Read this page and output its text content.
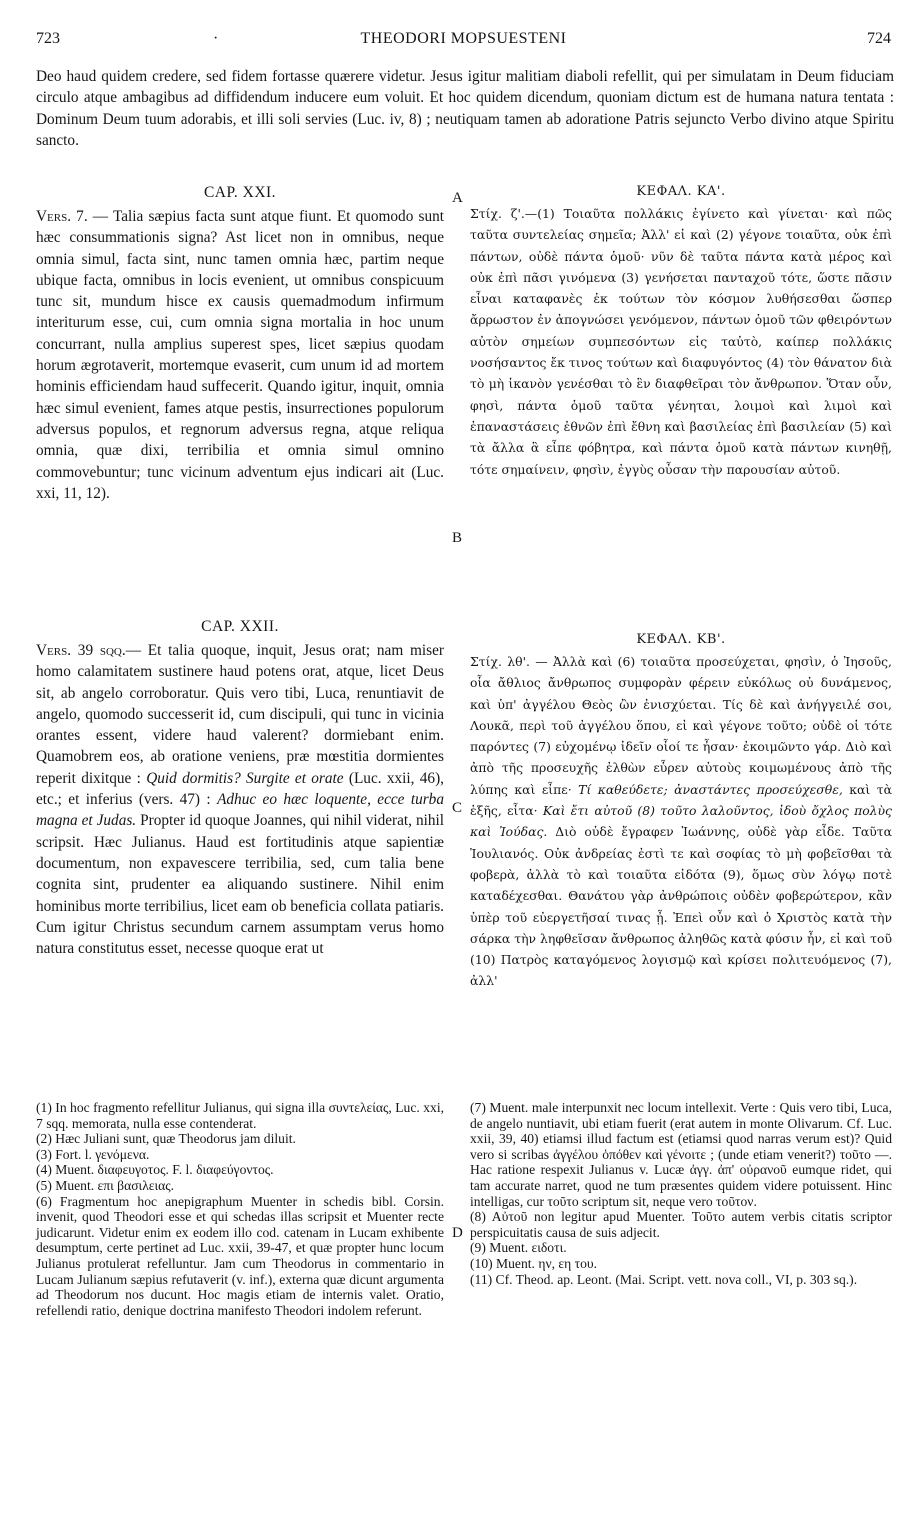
723	·	THEODORI MOPSUESTENI	724

Deo haud quidem credere, sed fidem fortasse quærere videtur. Jesus igitur malitiam diaboli refellit, qui per simulatam in Deum fiduciam circulo atque ambagibus ad diffidendum inducere eum voluit. Et hoc quidem dicendum, quoniam dictum est de humana natura tentata : Dominum Deum tuum adorabis, et illi soli servies (Luc. iv, 8) ; neutiquam tamen ab adoratione Patris sejuncto Verbo divino atque Spiritu sancto.

A
B
C
D
CAP. XXI.

Vers. 7. — Talia sæpius facta sunt atque fiunt. Et quomodo sunt hæc consummationis signa? Ast licet non in omnibus, neque omnia simul, facta sint, nunc tamen omnia hæc, partim neque ubique facta, omnibus in locis evenient, ut omnibus conspicuum tunc sit, mundum hisce ex causis quemadmodum infirmum interiturum esse, cui, cum omnia signa mortalia in hoc unum concurrant, nulla amplius superest spes, licet sæpius quodam horum ægrotaverit, mortemque evaserit, cum unum id ad mortem hominis efficiendam haud suffecerit. Quando igitur, inquit, omnia hæc simul evenient, fames atque pestis, insurrectiones populorum adversus populos, et regnorum adversus regna, atque reliqua omnia, quæ dixi, terribilia et omnia simul omnino commovebuntur; tunc vicinum adventum ejus indicari ait (Luc. xxi, 11, 12).

ΚΕΦΑΛ. ΚΑ'.

Στίχ. ζ'.—(1) Τοιαῦτα πολλάκις ἐγίνετο καὶ γίνεται· καὶ πῶς ταῦτα συντελείας σημεῖα; Ἀλλ' εἰ καὶ (2) γέγονε τοιαῦτα, οὐκ ἐπὶ πάντων, οὐδὲ πάντα ὁμοῦ· νῦν δὲ ταῦτα πάντα κατὰ μέρος καὶ οὐκ ἐπὶ πᾶσι γινόμενα (3) γενήσεται πανταχοῦ τότε, ὥστε πᾶσιν εἶναι καταφανὲς ἐκ τούτων τὸν κόσμον λυθήσεσθαι ὥσπερ ἄρρωστον ἐν ἀπογνώσει γενόμενον, πάντων ὁμοῦ τῶν φθειρόντων αὐτὸν σημείων συμπεσόντων εἰς ταὐτὸ, καίπερ πολλάκις νοσήσαντος ἔκ τινος τούτων καὶ διαφυγόντος (4) τὸν θάνατον διὰ τὸ μὴ ἱκανὸν γενέσθαι τὸ ἓν διαφθεῖραι τὸν ἄνθρωπον. Ὅταν οὖν, φησὶ, πάντα ὁμοῦ ταῦτα γένηται, λοιμοὶ καὶ λιμοὶ καὶ ἐπαναστάσεις ἐθνῶν ἐπὶ ἔθνη καὶ βασιλείας ἐπὶ βασιλείαν (5) καὶ τὰ ἄλλα ἃ εἶπε φόβητρα, καὶ πάντα ὁμοῦ κατὰ πάντων κινηθῇ, τότε σημαίνειν, φησὶν, ἐγγὺς οὖσαν τὴν παρουσίαν αὐτοῦ.

CAP. XXII.

Vers. 39 sqq.— Et talia quoque, inquit, Jesus orat; nam miser homo calamitatem sustinere haud potens orat, atque, licet Deus sit, ab angelo corroboratur. Quis vero tibi, Luca, renuntiavit de angelo, quomodo successerit id, cum discipuli, qui tunc in vicinia orantes essent, videre haud valerent? dormiebant enim. Quamobrem eos, ab oratione veniens, præ mœstitia dormientes reperit dixitque : Quid dormitis? Surgite et orate (Luc. xxii, 46), etc.; et inferius (vers. 47) : Adhuc eo hæc loquente, ecce turba magna et Judas. Propter id quoque Joannes, qui nihil viderat, nihil scripsit. Hæc Julianus. Haud est fortitudinis atque sapientiæ documentum, non expavescere terribilia, sed, cum talia bene cognita sint, prudenter ea aliquando sustinere. Nihil enim hominibus morte terribilius, licet eam ob beneficia collata patiaris. Cum igitur Christus secundum carnem assumptam verus homo natura constitutus esset, necesse quoque erat ut

ΚΕΦΑΛ. ΚΒ'.

Στίχ. λθ'. — Ἀλλὰ καὶ (6) τοιαῦτα προσεύχεται, φησὶν, ὁ Ἰησοῦς, οἷα ἄθλιος ἄνθρωπος συμφορὰν φέρειν εὐκόλως οὐ δυνάμενος, καὶ ὑπ' ἀγγέλου Θεὸς ὢν ἐνισχύεται. Τίς δὲ καὶ ἀνήγγειλέ σοι, Λουκᾶ, περὶ τοῦ ἀγγέλου ὅπου, εἰ καὶ γέγονε τοῦτο; οὐδὲ οἱ τότε παρόντες (7) εὐχομένῳ ἰδεῖν οἷοί τε ἦσαν· ἐκοιμῶντο γάρ. Διὸ καὶ ἀπὸ τῆς προσευχῆς ἐλθὼν εὗρεν αὐτοὺς κοιμωμένους ἀπὸ τῆς λύπης καὶ εἶπε· Τί καθεύδετε; ἀναστάντες προσεύχεσθε, καὶ τὰ ἑξῆς, εἶτα· Καὶ ἔτι αὐτοῦ (8) τοῦτο λαλοῦντος, ἰδοὺ ὄχλος πολὺς καὶ Ἰούδας. Διὸ οὐδὲ ἔγραφεν Ἰωάννης, οὐδὲ γὰρ εἶδε. Ταῦτα Ἰουλιανός. Οὐκ ἀνδρείας ἐστὶ τε καὶ σοφίας τὸ μὴ φοβεῖσθαι τὰ φοβερὰ, ἀλλὰ τὸ καὶ τοιαῦτα εἰδότα (9), ὅμως σὺν λόγῳ ποτὲ καταδέχεσθαι. Θανάτου γὰρ ἀνθρώποις οὐδὲν φοβερώτερον, κἂν ὑπὲρ τοῦ εὐεργετῆσαί τινας ᾖ. Ἐπεὶ οὖν καὶ ὁ Χριστὸς κατὰ τὴν σάρκα τὴν ληφθεῖσαν ἄνθρωπος ἀληθῶς κατὰ φύσιν ἦν, εἰ καὶ τοῦ (10) Πατρὸς καταγόμενος λογισμῷ καὶ κρίσει πολιτευόμενος (7), ἀλλ'

(1) In hoc fragmento refellitur Julianus, qui signa illa συντελείας, Luc. xxi, 7 sqq. memorata, nulla esse contenderat.
(2) Hæc Juliani sunt, quæ Theodorus jam diluit.
(3) Fort. l. γενόμενα.
(4) Muent. διαφευγοτος. F. l. διαφεύγοντος.
(5) Muent. επι βασιλειας.
(6) Fragmentum hoc anepigraphum Muenter in schedis bibl. Corsin. invenit, quod Theodori esse et qui schedas illas scripsit et Muenter recte judicarunt. Videtur enim ex eodem illo cod. catenam in Lucam exhibente desumptum, certe pertinet ad Luc. xxii, 39-47, et quæ propter hunc locum Julianus protulerat refelluntur. Jam cum Theodorus in commentario in Lucam Julianum sæpius refutaverit (v. inf.), externa quæ dicunt argumenta ad Theodorum nos ducunt. Hoc magis etiam de internis valet. Oratio, refellendi ratio, denique doctrina manifesto Theodori indolem referunt.
(7) Muent. male interpunxit nec locum intellexit. Verte : Quis vero tibi, Luca, de angelo nuntiavit, ubi etiam fuerit (erat autem in monte Olivarum. Cf. Luc. xxii, 39, 40) etiamsi illud factum est (etiamsi quod narras verum est)? Quid vero si scribas ἀγγέλου ὁπόθεν καὶ γένοιτε ; (unde etiam venerit?) τοῦτο —. Hac ratione respexit Julianus v. Lucæ ἀγγ. ἀπ' οὐρανοῦ eumque ridet, qui tam accurate narret, quod ne tum præsentes quidem videre potuissent. Hinc intelligas, cur τοῦτο scriptum sit, neque vero τοῦτον.
(8) Αὐτοῦ non legitur apud Muenter. Τοῦτο autem verbis citatis scriptor perspicuitatis causa de suis adjecit.
(9) Muent. ειδοτι.
(10) Muent. ην, εη του.
(11) Cf. Theod. ap. Leont. (Mai. Script. vett. nova coll., VI, p. 303 sq.).
